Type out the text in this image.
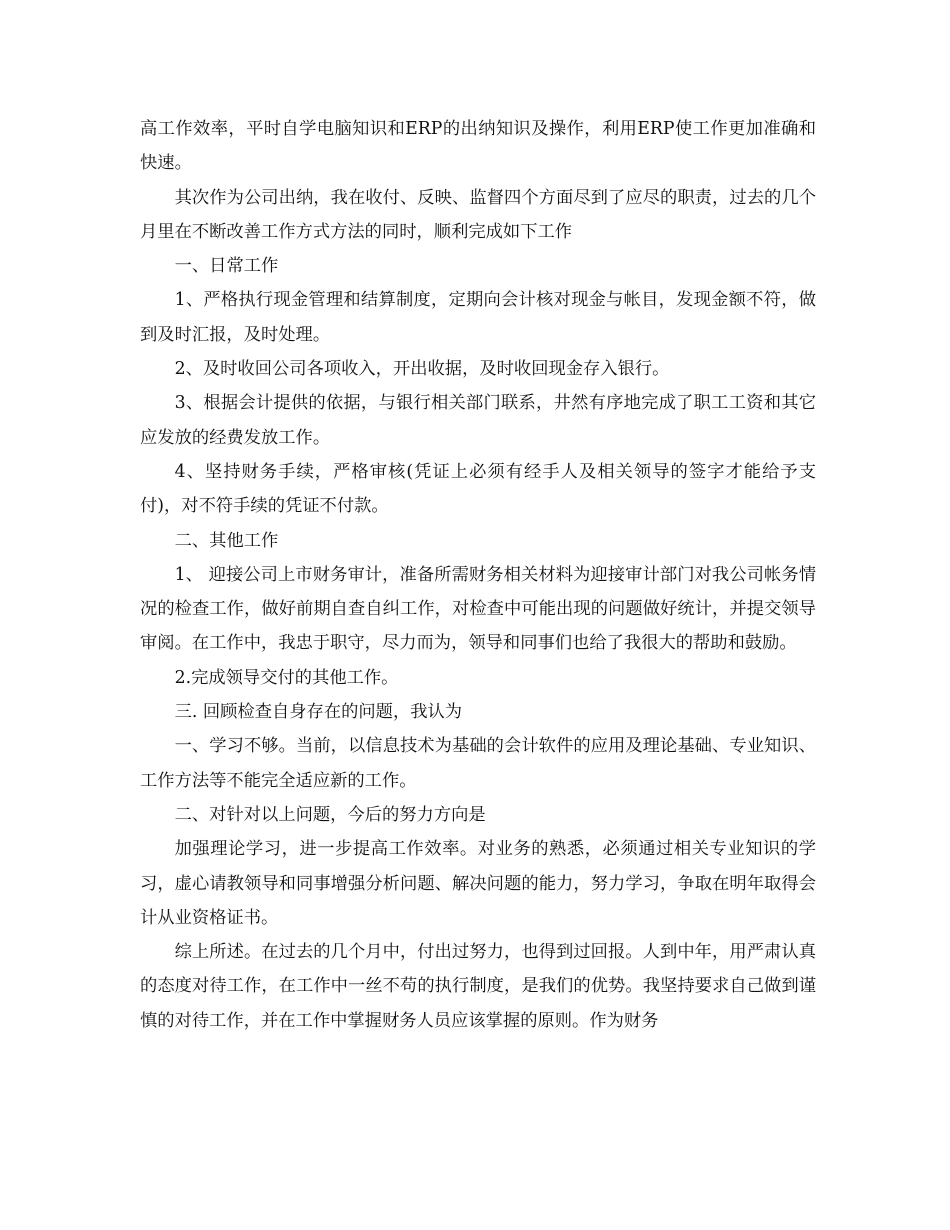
高工作效率，平时自学电脑知识和ERP的出纳知识及操作，利用ERP使工作更加准确和快速。

其次作为公司出纳，我在收付、反映、监督四个方面尽到了应尽的职责，过去的几个月里在不断改善工作方式方法的同时，顺利完成如下工作

一、日常工作

1、严格执行现金管理和结算制度，定期向会计核对现金与帐目，发现金额不符，做到及时汇报，及时处理。

2、及时收回公司各项收入，开出收据，及时收回现金存入银行。

3、根据会计提供的依据，与银行相关部门联系，井然有序地完成了职工工资和其它应发放的经费发放工作。

4、坚持财务手续，严格审核(凭证上必须有经手人及相关领导的签字才能给予支付)，对不符手续的凭证不付款。

二、其他工作

1、 迎接公司上市财务审计，准备所需财务相关材料为迎接审计部门对我公司帐务情况的检查工作，做好前期自查自纠工作，对检查中可能出现的问题做好统计，并提交领导审阅。在工作中，我忠于职守，尽力而为，领导和同事们也给了我很大的帮助和鼓励。

2.完成领导交付的其他工作。

三. 回顾检查自身存在的问题，我认为

一、学习不够。当前，以信息技术为基础的会计软件的应用及理论基础、专业知识、工作方法等不能完全适应新的工作。

二、对针对以上问题，今后的努力方向是

加强理论学习，进一步提高工作效率。对业务的熟悉，必须通过相关专业知识的学习，虚心请教领导和同事增强分析问题、解决问题的能力，努力学习，争取在明年取得会计从业资格证书。

综上所述。在过去的几个月中，付出过努力，也得到过回报。人到中年，用严肃认真的态度对待工作，在工作中一丝不苟的执行制度，是我们的优势。我坚持要求自己做到谨慎的对待工作，并在工作中掌握财务人员应该掌握的原则。作为财务
